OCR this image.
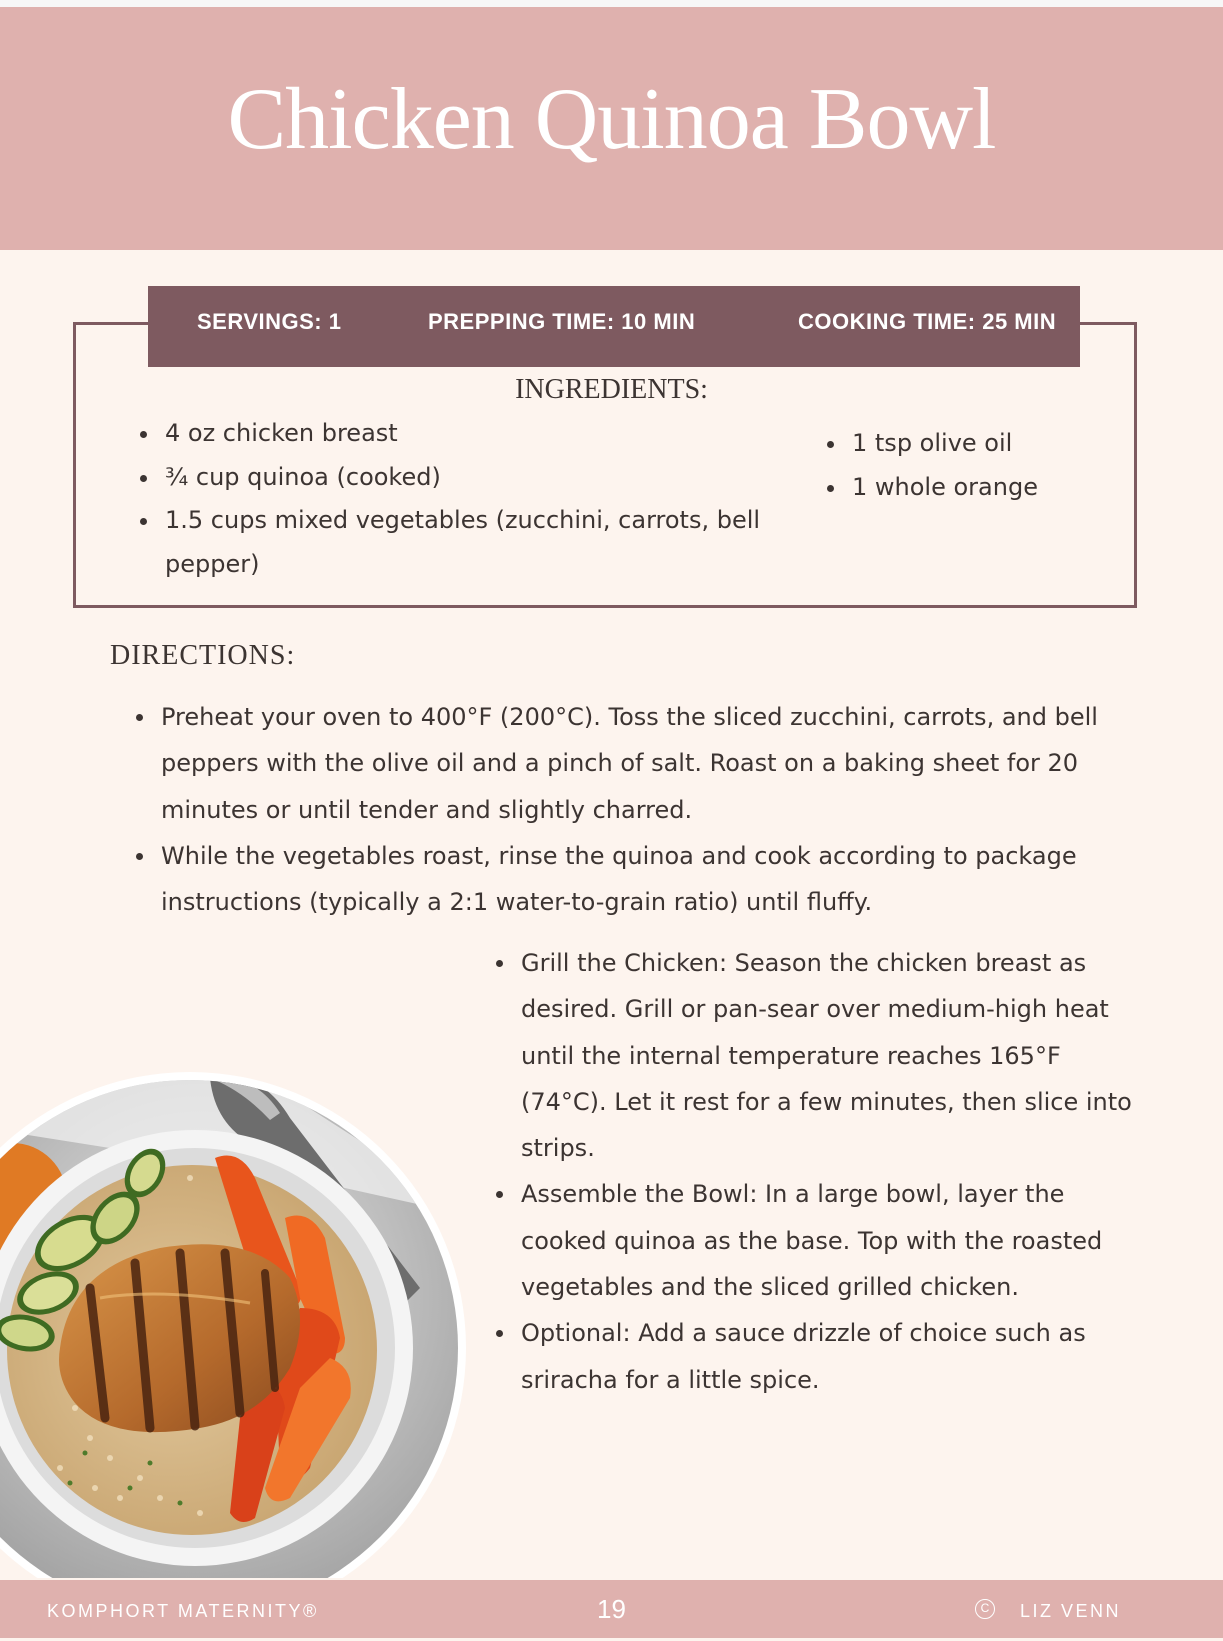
Chicken Quinoa Bowl
SERVINGS: 1	PREPPING TIME: 10 MIN	COOKING TIME: 25 MIN
INGREDIENTS:
4 oz chicken breast
¾ cup quinoa (cooked)
1.5 cups mixed vegetables (zucchini, carrots, bell pepper)
1 tsp olive oil
1 whole orange
DIRECTIONS:
Preheat your oven to 400°F (200°C). Toss the sliced zucchini, carrots, and bell peppers with the olive oil and a pinch of salt. Roast on a baking sheet for 20 minutes or until tender and slightly charred.
While the vegetables roast, rinse the quinoa and cook according to package instructions (typically a 2:1 water-to-grain ratio) until fluffy.
Grill the Chicken: Season the chicken breast as desired. Grill or pan-sear over medium-high heat until the internal temperature reaches 165°F (74°C). Let it rest for a few minutes, then slice into strips.
Assemble the Bowl: In a large bowl, layer the cooked quinoa as the base. Top with the roasted vegetables and the sliced grilled chicken.
Optional: Add a sauce drizzle of choice such as sriracha for a little spice.
KOMPHORT MATERNITY®	19	C	LIZ VENN
